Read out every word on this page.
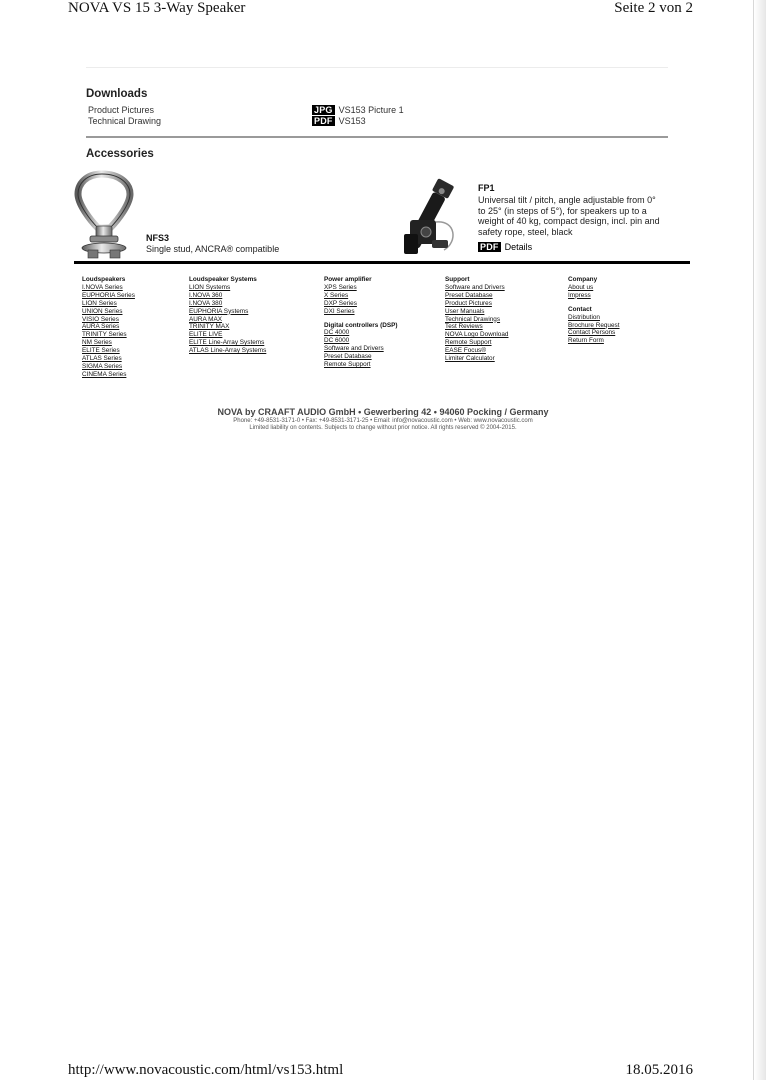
NOVA VS 15 3-Way Speaker	Seite 2 von 2
Downloads
Product Pictures	JPG VS153 Picture 1
Technical Drawing	PDF VS153
Accessories
NFS3
Single stud, ANCRA® compatible
FP1
Universal tilt / pitch, angle adjustable from 0°
to 25° (in steps of 5°), for speakers up to a
weight of 40 kg, compact design, incl. pin and
safety rope, steel, black
PDF Details
Loudspeakers
I.NOVA Series
EUPHORIA Series
LION Series
UNION Series
VISIO Series
AURA Series
TRINITY Series
NM Series
ELITE Series
ATLAS Series
SIGMA Series
CINEMA Series
Loudspeaker Systems
LION Systems
I.NOVA 360
I.NOVA 380
EUPHORIA Systems
AURA MAX
TRINITY MAX
ELITE LIVE
ELITE Line-Array Systems
ATLAS Line-Array Systems
Power amplifier
XPS Series
X Series
DXP Series
DXI Series
Digital controllers (DSP)
DC 4000
DC 6000
Software and Drivers
Preset Database
Remote Support
Support
Software and Drivers
Preset Database
Product Pictures
User Manuals
Technical Drawings
Test Reviews
NOVA Logo Download
Remote Support
EASE Focus®
Limiter Calculator
Company
About us
Impress
Contact
Distribution
Brochure Request
Contact Persons
Return Form
NOVA by CRAAFT AUDIO GmbH • Gewerbering 42 • 94060 Pocking / Germany
Phone: +49-8531-3171-0 • Fax: +49-8531-3171-25 • Email: info@novacoustic.com • Web: www.novacoustic.com
Limited liability on contents. Subjects to change without prior notice. All rights reserved © 2004-2015.
http://www.novacoustic.com/html/vs153.html	18.05.2016
